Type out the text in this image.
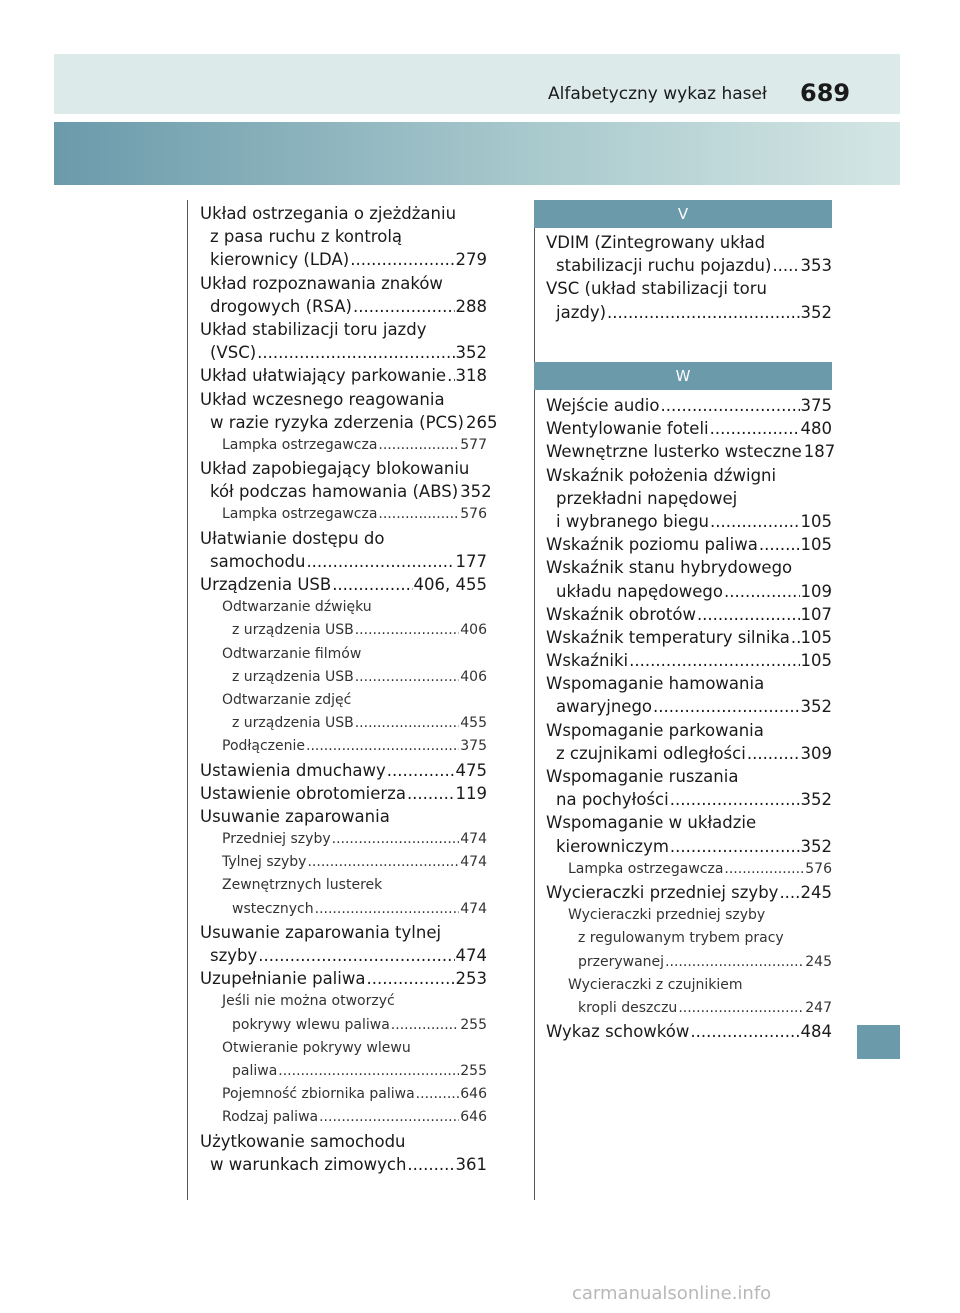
Alfabetyczny wykaz haseł 689
Układ ostrzegania o zjeżdżaniu
z pasa ruchu z kontrolą
kierownicy (LDA) .....	279
Układ rozpoznawania znaków
drogowych (RSA) .....	288
Układ stabilizacji toru jazdy
(VSC) .....	352
Układ ułatwiający parkowanie ..... 318
Układ wczesnego reagowania
w razie ryzyka zderzenia (PCS) 265
Lampka ostrzegawcza .....	577
Układ zapobiegający blokowaniu
kół podczas hamowania (ABS) 352
Lampka ostrzegawcza .....	576
Ułatwianie dostępu do
samochodu .....	177
Urządzenia USB .....	406, 455
Odtwarzanie dźwięku
z urządzenia USB .....	406
Odtwarzanie filmów
z urządzenia USB .....	406
Odtwarzanie zdjęć
z urządzenia USB .....	455
Podłączenie .....	375
Ustawienia dmuchawy .....	475
Ustawienie obrotomierza .....	119
Usuwanie zaparowania
Przedniej szyby .....	474
Tylnej szyby .....	474
Zewnętrznych lusterek
wstecznych .....	474
Usuwanie zaparowania tylnej
szyby .....	474
Uzupełnianie paliwa .....	253
Jeśli nie można otworzyć
pokrywy wlewu paliwa .....	255
Otwieranie pokrywy wlewu
paliwa .....	255
Pojemność zbiornika paliwa .....	646
Rodzaj paliwa .....	646
Użytkowanie samochodu
w warunkach zimowych .....	361
V
VDIM (Zintegrowany układ
stabilizacji ruchu pojazdu) ..... 353
VSC (układ stabilizacji toru
jazdy) .....	352
W
Wejście audio .....	375
Wentylowanie foteli .....	480
Wewnętrzne lusterko wsteczne 187
Wskaźnik położenia dźwigni
przekładni napędowej
i wybranego biegu .....	105
Wskaźnik poziomu paliwa .....	105
Wskaźnik stanu hybrydowego
układu napędowego .....	109
Wskaźnik obrotów .....	107
Wskaźnik temperatury silnika ..... 105
Wskaźniki .....	105
Wspomaganie hamowania
awaryjnego .....	352
Wspomaganie parkowania
z czujnikami odległości .....	309
Wspomaganie ruszania
na pochyłości .....	352
Wspomaganie w układzie
kierowniczym .....	352
Lampka ostrzegawcza .....	576
Wycieraczki przedniej szyby ..... 245
Wycieraczki przedniej szyby
z regulowanym trybem pracy
przerywanej .....	245
Wycieraczki z czujnikiem
kropli deszczu .....	247
Wykaz schowków .....	484
carmanualsonline.info
